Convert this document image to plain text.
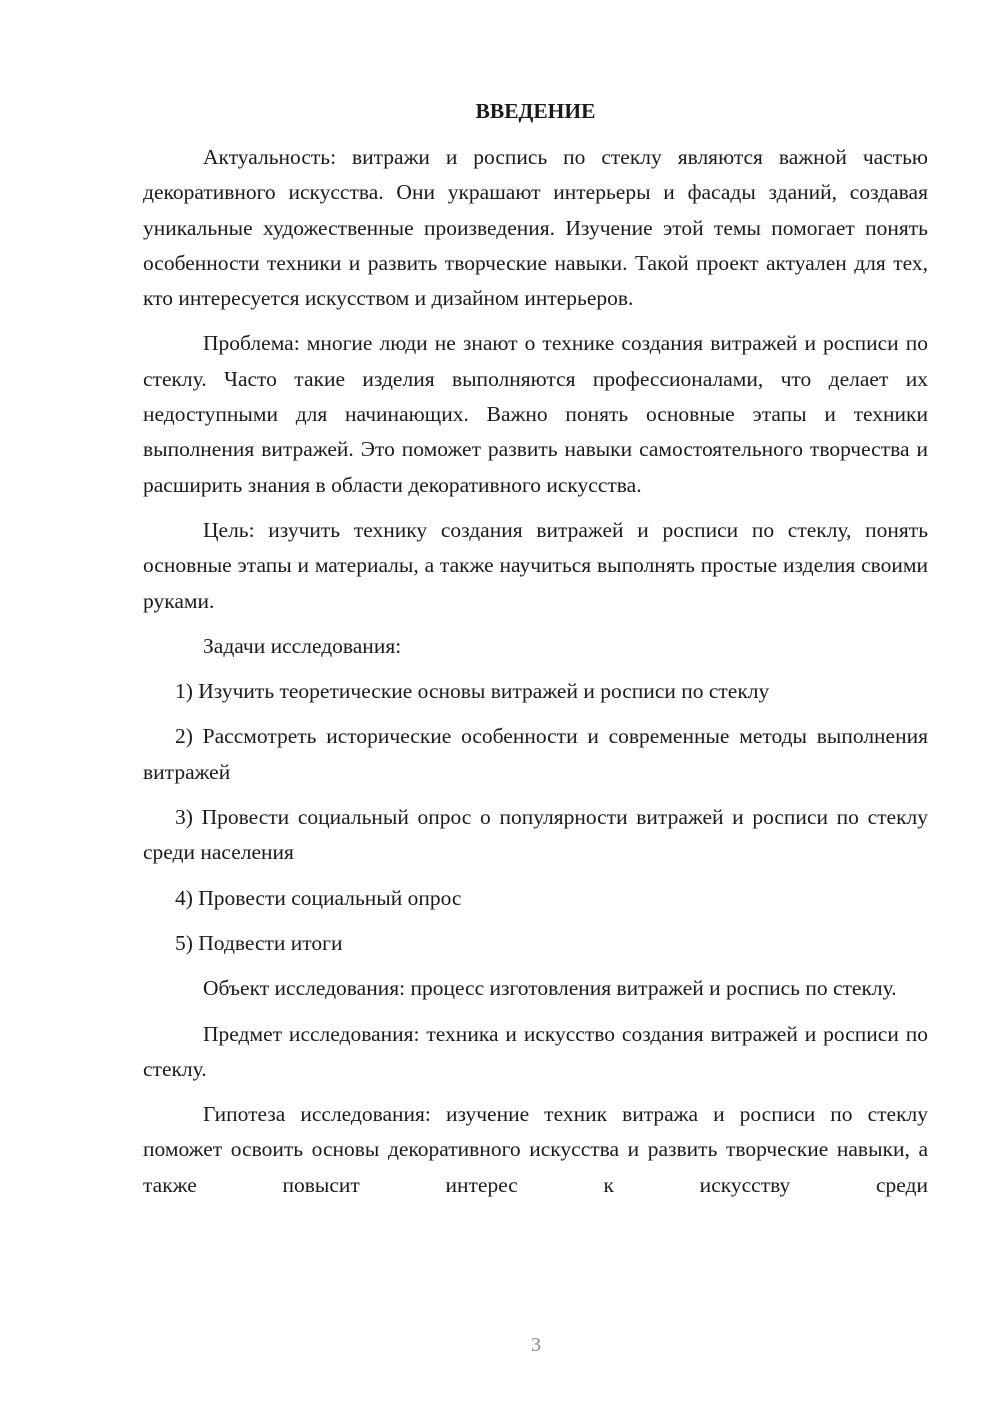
ВВЕДЕНИЕ

Актуальность: витражи и роспись по стеклу являются важной частью декоративного искусства. Они украшают интерьеры и фасады зданий, создавая уникальные художественные произведения. Изучение этой темы помогает понять особенности техники и развить творческие навыки. Такой проект актуален для тех, кто интересуется искусством и дизайном интерьеров.

Проблема: многие люди не знают о технике создания витражей и росписи по стеклу. Часто такие изделия выполняются профессионалами, что делает их недоступными для начинающих. Важно понять основные этапы и техники выполнения витражей. Это поможет развить навыки самостоятельного творчества и расширить знания в области декоративного искусства.

Цель: изучить технику создания витражей и росписи по стеклу, понять основные этапы и материалы, а также научиться выполнять простые изделия своими руками.

Задачи исследования:

1) Изучить теоретические основы витражей и росписи по стеклу

2) Рассмотреть исторические особенности и современные методы выполнения витражей

3) Провести социальный опрос о популярности витражей и росписи по стеклу среди населения

4) Провести социальный опрос

5) Подвести итоги

Объект исследования: процесс изготовления витражей и роспись по стеклу.

Предмет исследования: техника и искусство создания витражей и росписи по стеклу.

Гипотеза исследования: изучение техник витража и росписи по стеклу поможет освоить основы декоративного искусства и развить творческие навыки, а также повысит интерес к искусству среди

3
